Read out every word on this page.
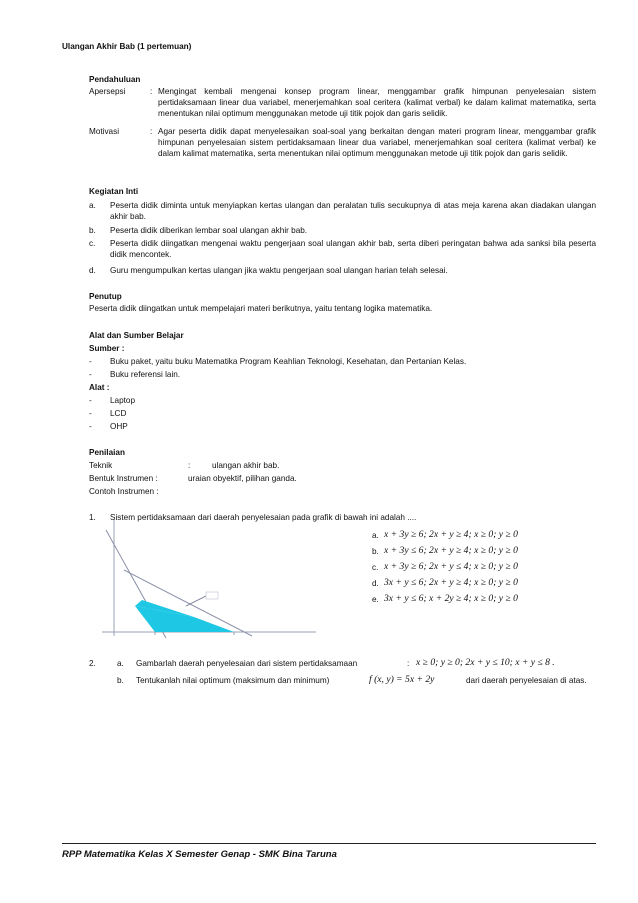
Ulangan Akhir Bab (1 pertemuan)
Pendahuluan
Apersepsi	: Mengingat kembali mengenai konsep program linear, menggambar grafik himpunan penyelesaian sistem pertidaksamaan linear dua variabel, menerjemahkan soal ceritera (kalimat verbal) ke dalam kalimat matematika, serta menentukan nilai optimum menggunakan metode uji titik pojok dan garis selidik.
Motivasi	: Agar peserta didik dapat menyelesaikan soal-soal yang berkaitan dengan materi program linear, menggambar grafik himpunan penyelesaian sistem pertidaksamaan linear dua variabel, menerjemahkan soal ceritera (kalimat verbal) ke dalam kalimat matematika, serta menentukan nilai optimum menggunakan metode uji titik pojok dan garis selidik.
Kegiatan Inti
a. Peserta didik diminta untuk menyiapkan kertas ulangan dan peralatan tulis secukupnya di atas meja karena akan diadakan ulangan akhir bab.
b. Peserta didik diberikan lembar soal ulangan akhir bab.
c. Peserta didik diingatkan mengenai waktu pengerjaan soal ulangan akhir bab, serta diberi peringatan bahwa ada sanksi bila peserta didik mencontek.
d. Guru mengumpulkan kertas ulangan jika waktu pengerjaan soal ulangan harian telah selesai.
Penutup
Peserta didik diingatkan untuk mempelajari materi berikutnya, yaitu tentang logika matematika.
Alat dan Sumber Belajar
Sumber :
- Buku paket, yaitu buku Matematika Program Keahlian Teknologi, Kesehatan, dan Pertanian Kelas.
- Buku referensi lain.
Alat :
- Laptop
- LCD
- OHP
Penilaian
Teknik	:	ulangan akhir bab.
Bentuk Instrumen :	uraian obyektif, pilihan ganda.
Contoh Instrumen :
1. Sistem pertidaksamaan dari daerah penyelesaian pada grafik di bawah ini adalah ....
a. x + 3y ≥ 6; 2x + y ≥ 4; x ≥ 0; y ≥ 0
b. x + 3y ≤ 6; 2x + y ≥ 4; x ≥ 0; y ≥ 0
c. x + 3y ≥ 6; 2x + y ≤ 4; x ≥ 0; y ≥ 0
d. 3x + y ≤ 6; 2x + y ≥ 4; x ≥ 0; y ≥ 0
e. 3x + y ≤ 6; x + 2y ≥ 4; x ≥ 0; y ≥ 0
2.	a. Gambarlah daerah penyelesaian dari sistem pertidaksamaan	: x ≥ 0; y ≥ 0; 2x + y ≤ 10; x + y ≤ 8 .
b. Tentukanlah nilai optimum (maksimum dan minimum)	f (x, y) = 5x + 2y	dari daerah penyelesaian di atas.
RPP Matematika Kelas X Semester Genap - SMK Bina Taruna
